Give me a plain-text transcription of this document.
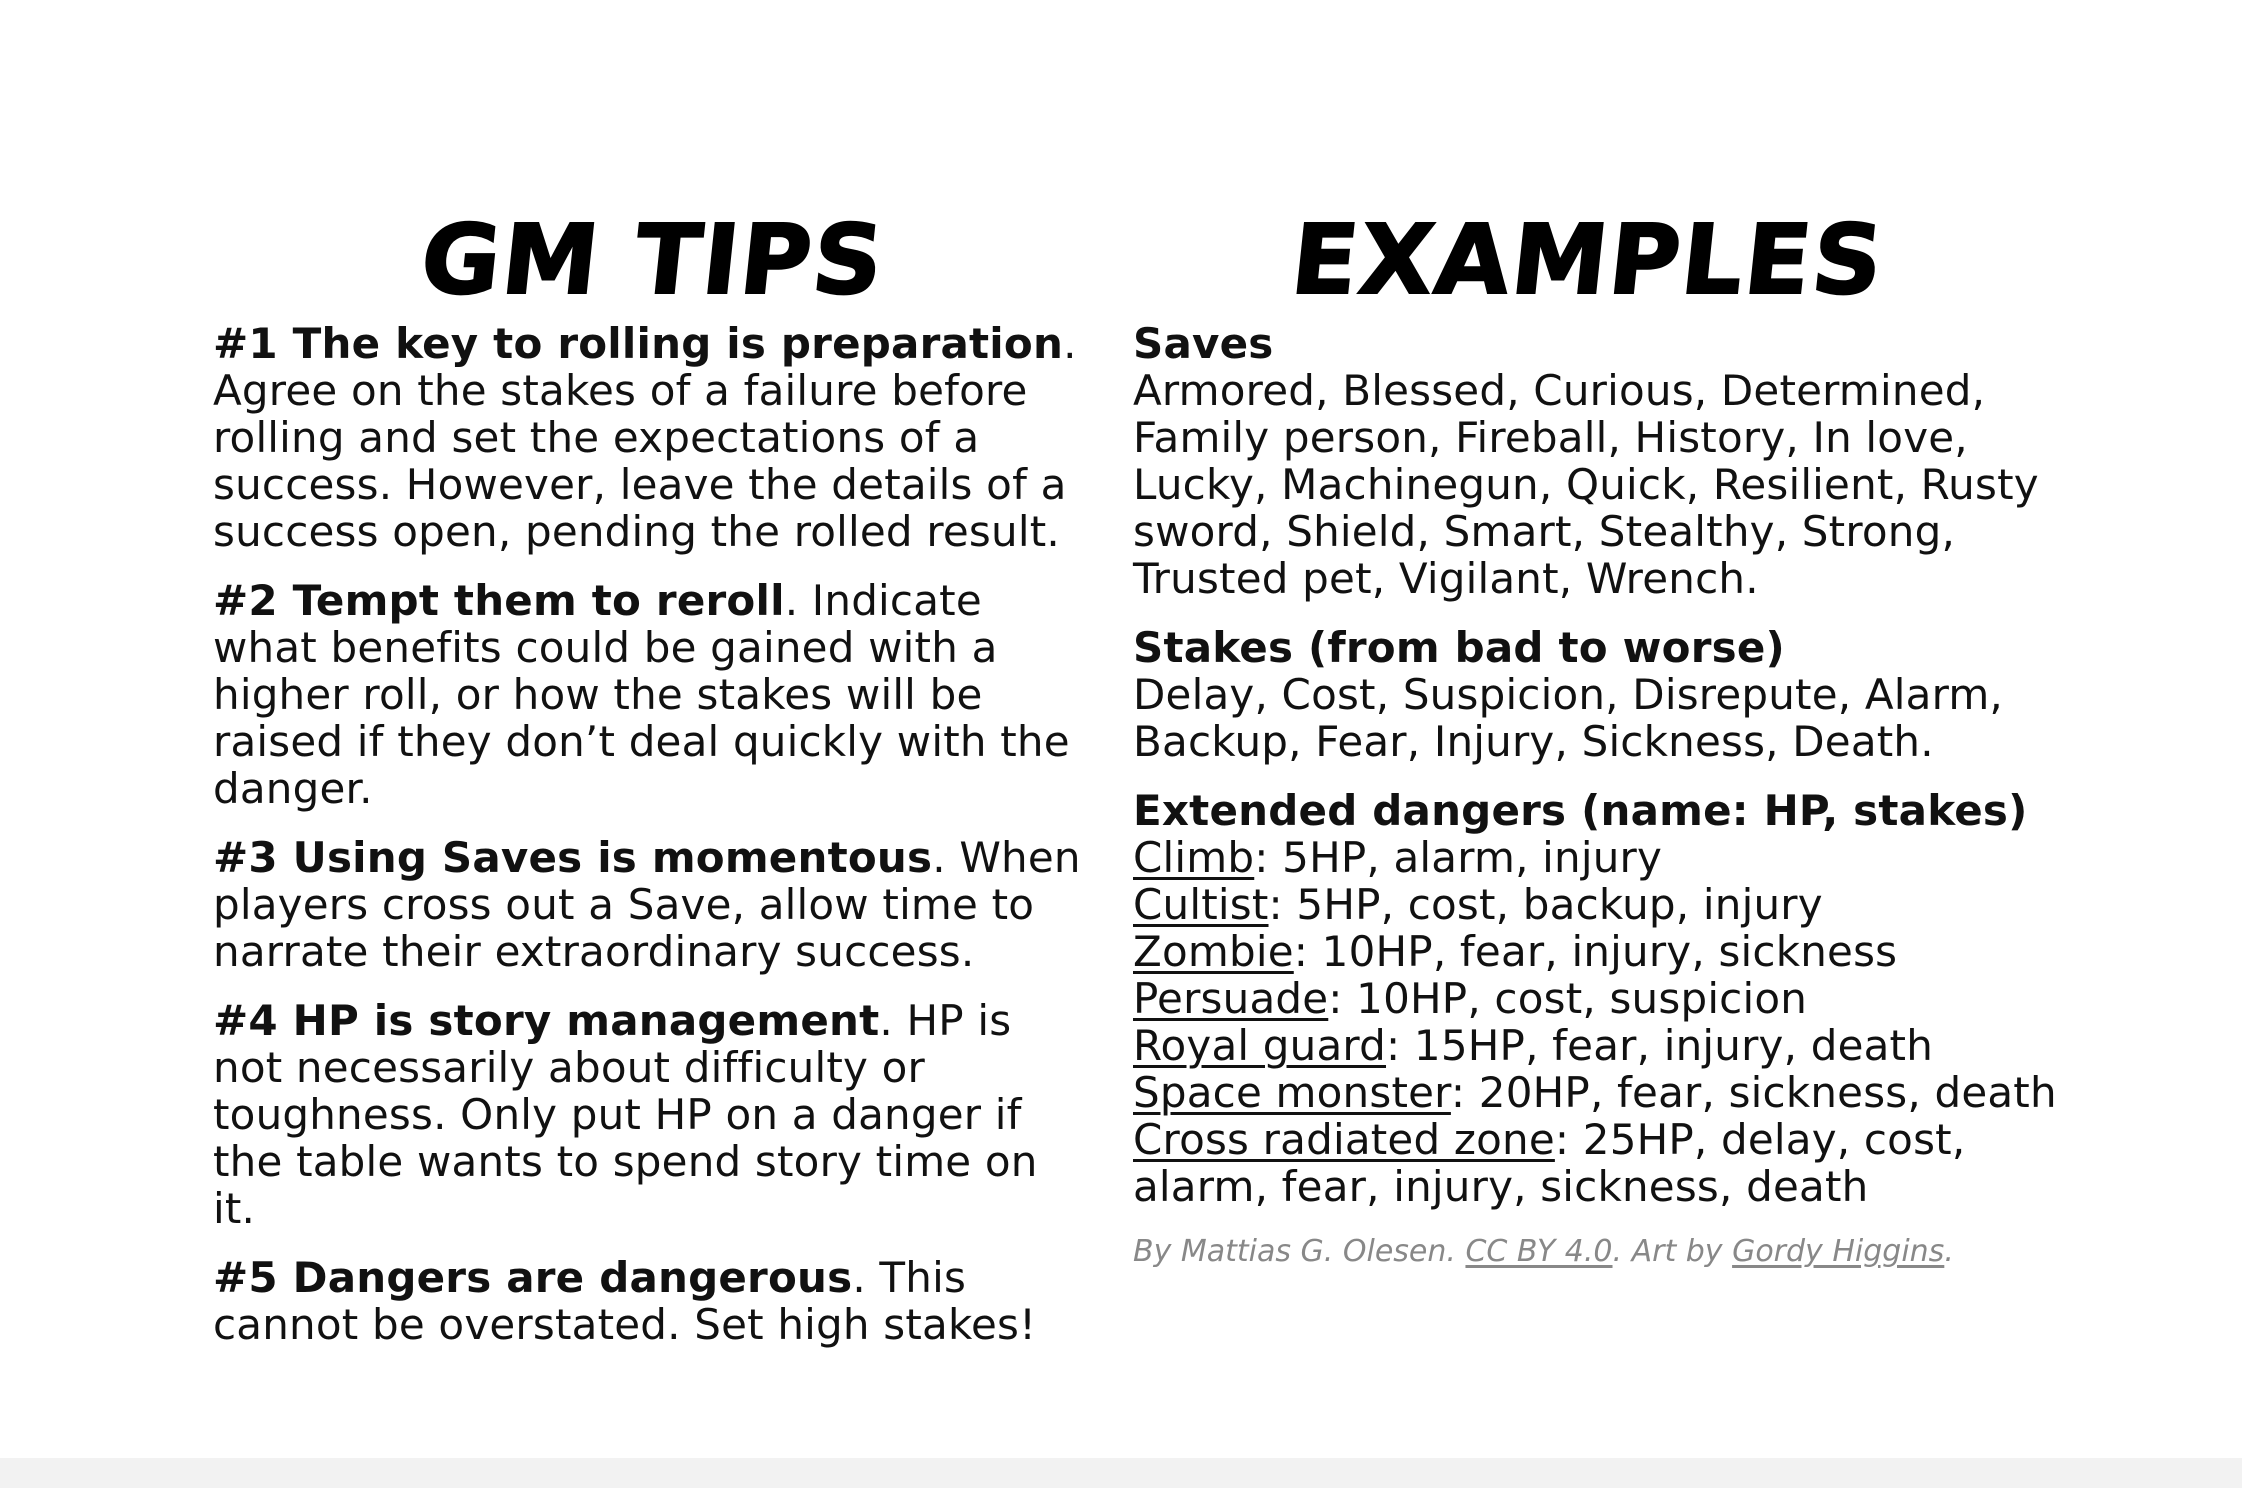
GM TIPS

#1 The key to rolling is preparation. Agree on the stakes of a failure before rolling and set the expectations of a success. However, leave the details of a success open, pending the rolled result.

#2 Tempt them to reroll. Indicate what benefits could be gained with a higher roll, or how the stakes will be raised if they don’t deal quickly with the danger.

#3 Using Saves is momentous. When players cross out a Save, allow time to narrate their extraordinary success.

#4 HP is story management. HP is not necessarily about difficulty or toughness. Only put HP on a danger if the table wants to spend story time on it.

#5 Dangers are dangerous. This cannot be overstated. Set high stakes!

EXAMPLES
Saves
Armored, Blessed, Curious, Determined, Family person, Fireball, History, In love, Lucky, Machinegun, Quick, Resilient, Rusty sword, Shield, Smart, Stealthy, Strong, Trusted pet, Vigilant, Wrench.
Stakes (from bad to worse)
Delay, Cost, Suspicion, Disrepute, Alarm, Backup, Fear, Injury, Sickness, Death.
Extended dangers (name: HP, stakes)
Climb: 5HP, alarm, injury
Cultist: 5HP, cost, backup, injury
Zombie: 10HP, fear, injury, sickness
Persuade: 10HP, cost, suspicion
Royal guard: 15HP, fear, injury, death
Space monster: 20HP, fear, sickness, death
Cross radiated zone: 25HP, delay, cost, alarm, fear, injury, sickness, death
By Mattias G. Olesen. CC BY 4.0. Art by Gordy Higgins.
